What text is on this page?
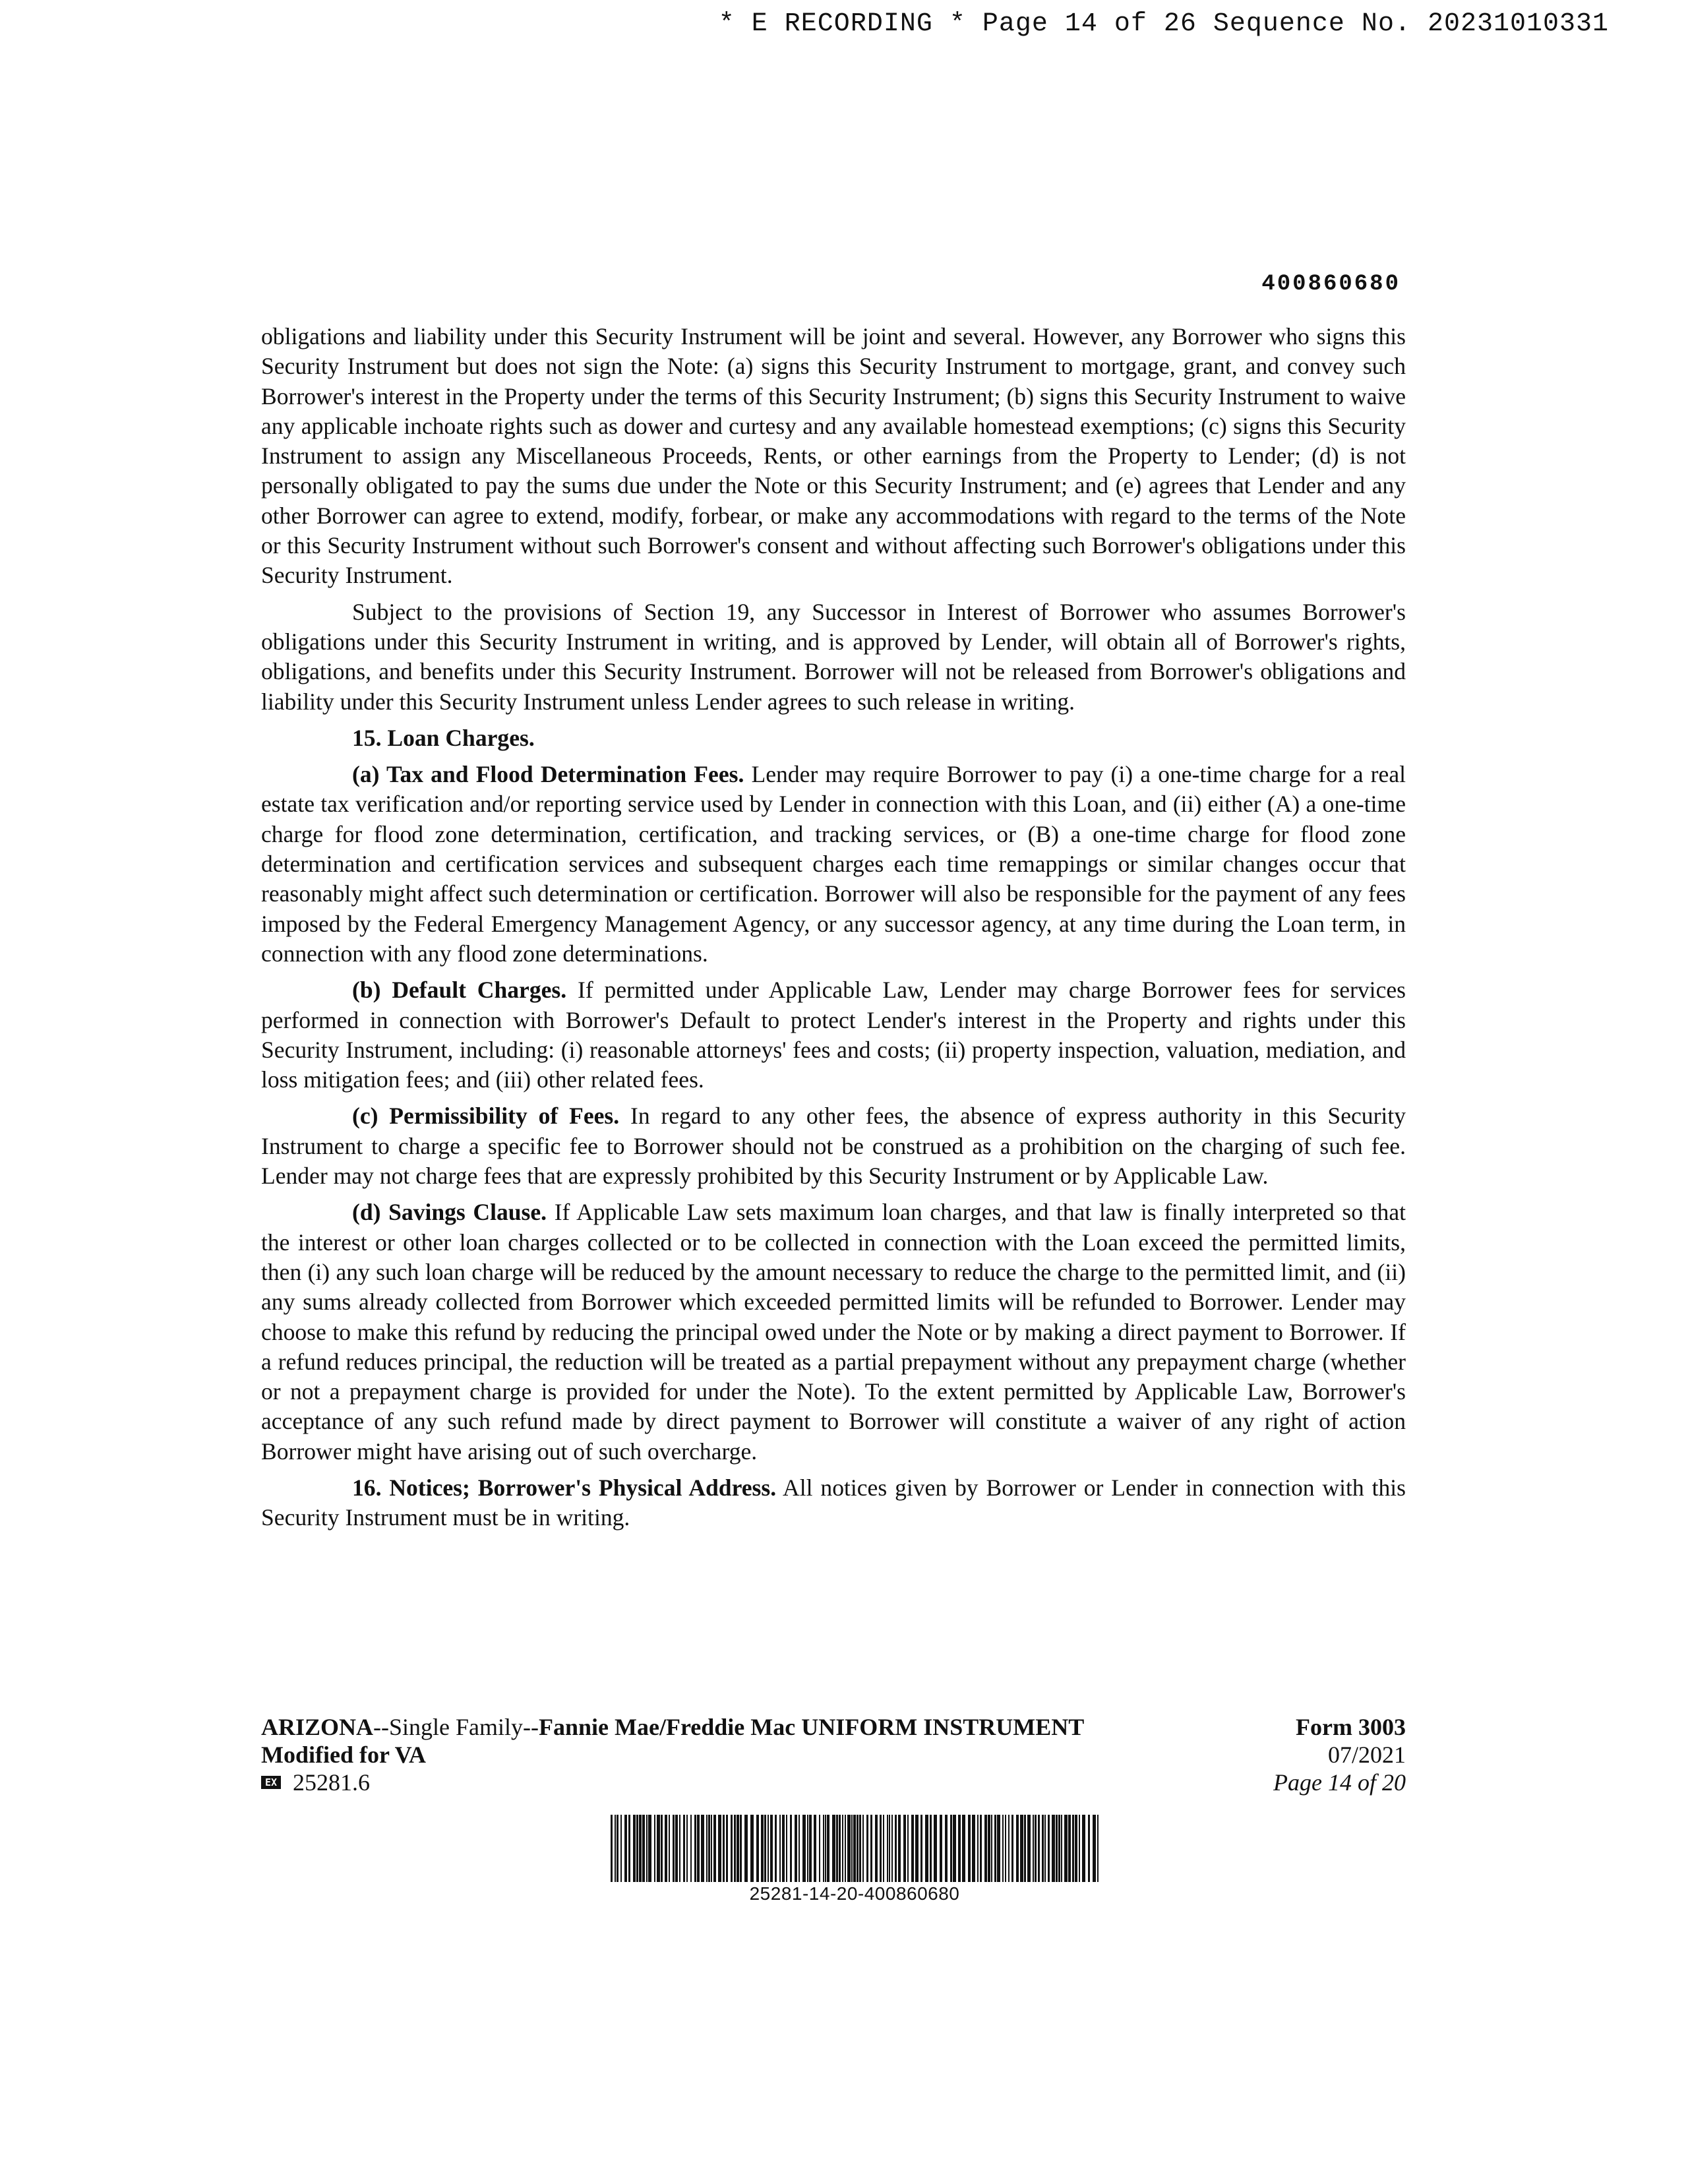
* E RECORDING * Page 14 of 26 Sequence No. 20231010331
400860680

obligations and liability under this Security Instrument will be joint and several. However, any Borrower who signs this Security Instrument but does not sign the Note: (a) signs this Security Instrument to mortgage, grant, and convey such Borrower's interest in the Property under the terms of this Security Instrument; (b) signs this Security Instrument to waive any applicable inchoate rights such as dower and curtesy and any available homestead exemptions; (c) signs this Security Instrument to assign any Miscellaneous Proceeds, Rents, or other earnings from the Property to Lender; (d) is not personally obligated to pay the sums due under the Note or this Security Instrument; and (e) agrees that Lender and any other Borrower can agree to extend, modify, forbear, or make any accommodations with regard to the terms of the Note or this Security Instrument without such Borrower's consent and without affecting such Borrower's obligations under this Security Instrument.

Subject to the provisions of Section 19, any Successor in Interest of Borrower who assumes Borrower's obligations under this Security Instrument in writing, and is approved by Lender, will obtain all of Borrower's rights, obligations, and benefits under this Security Instrument. Borrower will not be released from Borrower's obligations and liability under this Security Instrument unless Lender agrees to such release in writing.

15. Loan Charges.

(a) Tax and Flood Determination Fees. Lender may require Borrower to pay (i) a one-time charge for a real estate tax verification and/or reporting service used by Lender in connection with this Loan, and (ii) either (A) a one-time charge for flood zone determination, certification, and tracking services, or (B) a one-time charge for flood zone determination and certification services and subsequent charges each time remappings or similar changes occur that reasonably might affect such determination or certification. Borrower will also be responsible for the payment of any fees imposed by the Federal Emergency Management Agency, or any successor agency, at any time during the Loan term, in connection with any flood zone determinations.

(b) Default Charges. If permitted under Applicable Law, Lender may charge Borrower fees for services performed in connection with Borrower's Default to protect Lender's interest in the Property and rights under this Security Instrument, including: (i) reasonable attorneys' fees and costs; (ii) property inspection, valuation, mediation, and loss mitigation fees; and (iii) other related fees.

(c) Permissibility of Fees. In regard to any other fees, the absence of express authority in this Security Instrument to charge a specific fee to Borrower should not be construed as a prohibition on the charging of such fee. Lender may not charge fees that are expressly prohibited by this Security Instrument or by Applicable Law.

(d) Savings Clause. If Applicable Law sets maximum loan charges, and that law is finally interpreted so that the interest or other loan charges collected or to be collected in connection with the Loan exceed the permitted limits, then (i) any such loan charge will be reduced by the amount necessary to reduce the charge to the permitted limit, and (ii) any sums already collected from Borrower which exceeded permitted limits will be refunded to Borrower. Lender may choose to make this refund by reducing the principal owed under the Note or by making a direct payment to Borrower. If a refund reduces principal, the reduction will be treated as a partial prepayment without any prepayment charge (whether or not a prepayment charge is provided for under the Note). To the extent permitted by Applicable Law, Borrower's acceptance of any such refund made by direct payment to Borrower will constitute a waiver of any right of action Borrower might have arising out of such overcharge.

16. Notices; Borrower's Physical Address. All notices given by Borrower or Lender in connection with this Security Instrument must be in writing.

ARIZONA--Single Family--Fannie Mae/Freddie Mac UNIFORM INSTRUMENT
Modified for VA
EX 25281.6
Form 3003
07/2021
Page 14 of 20
25281-14-20-400860680
